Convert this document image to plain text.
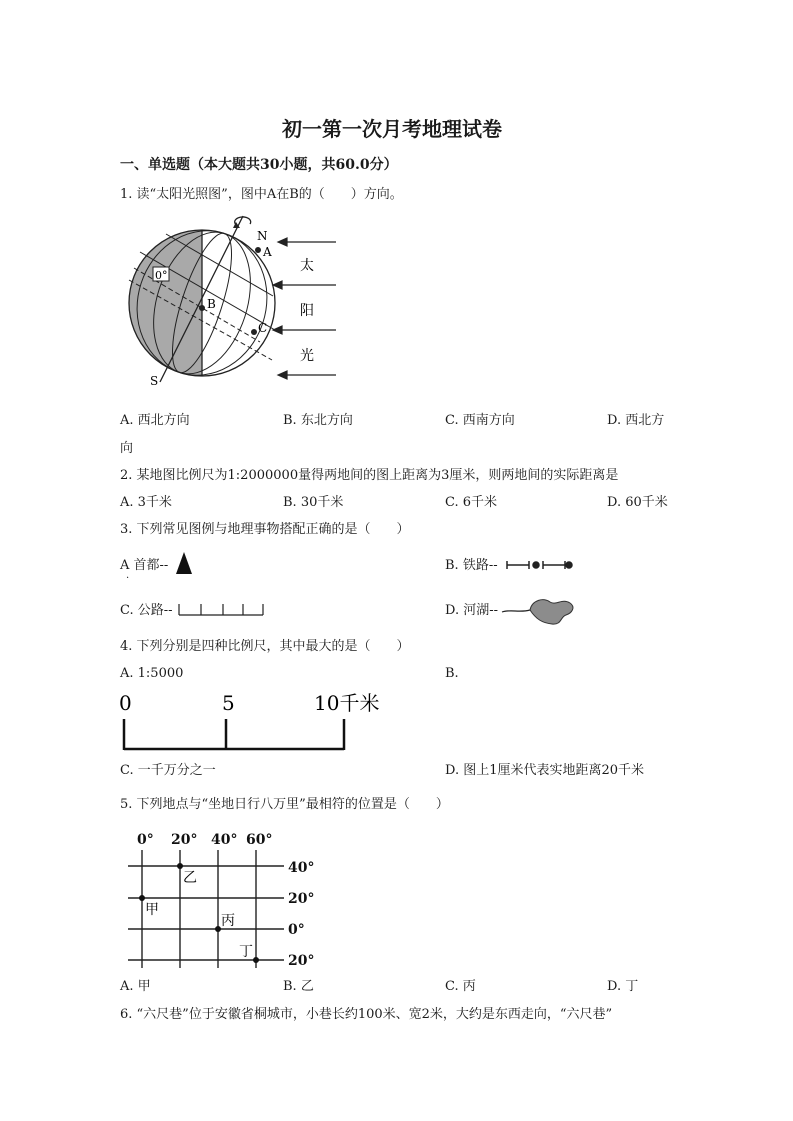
初一第一次月考地理试卷
一、单选题（本大题共30小题，共60.0分）
1. 读“太阳光照图”，图中A在B的（　　）方向。
0°
N
A
B
C
S
太
阳
光
A. 西北方向	B. 东北方向	C. 西南方向	D. 西北方
向
2. 某地图比例尺为1:2000000量得两地间的图上距离为3厘米，则两地间的实际距离是
A. 3千米	B. 30千米	C. 6千米	D. 60千米
3. 下列常见图例与地理事物搭配正确的是（　　）
A 首都--
.
B. 铁路--
C. 公路--	D. 河湖--
4. 下列分别是四种比例尺，其中最大的是（　　）
A. 1:5000	B.
0	5	10千米
C. 一千万分之一	D. 图上1厘米代表实地距离20千米
5. 下列地点与“坐地日行八万里”最相符的位置是（　　）
0° 20° 40° 60°
40°
20°
0°
20°
乙
甲
丙
丁
A. 甲	B. 乙	C. 丙	D. 丁
6. “六尺巷”位于安徽省桐城市，小巷长约100米、宽2米，大约是东西走向，“六尺巷”
